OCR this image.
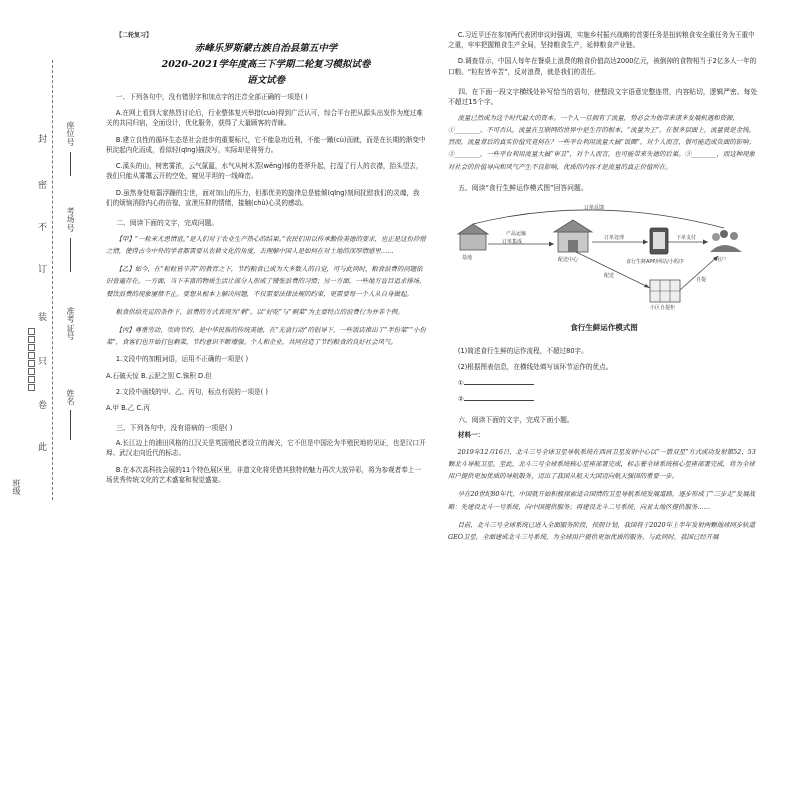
座位号
考场号
准考证号
姓名
班级
封
密
不
订
装
只
卷
此
【二轮复习】
赤峰乐罗斯蒙古族自治县第五中学
2020-2021学年度高三下学期二轮复习模拟试卷
语文试卷

一、下列各句中，没有错别字和加点字的注音全部正确的一项是( )

A.在网上看到大家热烈讨论后，行业整体复兴举措(cuò)得到广泛认可，综合平台把从源头出发作为度过难关的共同归宿，全面设计，优化服务，获得了大量顾客的青睐。

B.建立良性的循环生态是社会进步的重要标尺，它不能急功近利，不能一蹴(cù)而就，而是在长期的渐变中积淀起内化而成，看似轻(qīng)描淡写，实际却是将努力。

C.溪头的山，树密雾浓，云气氤氲，水气从树木蒸(wěng)郁的苍莽升起，打湿了行人的衣襟，抬头望去，我们只能从雾霭云开的空处，窥见平坦的一线峰峦。

D.虽然身处喧嚣浮躁的尘世，面对加山的压力，但那优美的旋律总是能倾(qīng)刻间抚慰我们的灵魂，我们的烦恼消除内心的彷徨，宣泄压抑的情绪，接触(chù)心灵的感动。

二、阅读下面的文字，完成问题。

【甲】“一粒米尤思情谊。”是人们对于农业生产热心的结果。”农民们用以传承勤俭美德的要求，也正是这份珍惜之情，使得古今中外的学者都需要从农耕文化的角度，去理解中国人是如何在对土地的深厚情感里……

【乙】如今，在“粒粒皆辛苦”的教育之下，节约粮食已成为大多数人的自觉，可与此同时，粮食浪费的问题依旧普遍存在。一方面，当下丰富的物质生活让部分人形成了铺张浪费的习惯；另一方面，一些地方盲目追求排场，餐饮浪费的现象屡禁不止。要想从根本上解决问题，不仅需要法律法规的约束，更需要每一个人从自身做起。

粮食供给充足的条件下，浪费的方式表现为“剩”。以“好吃”与“剩菜”为主要特点的浪费行为并非个例。

【丙】尊重劳动，崇尚节约，是中华民族的传统美德，在“光盘行动”的倡导下，一些饭店推出了“半份菜”“小份菜”，食客们也开始打包剩菜，节约意识不断增强。个人和企业，共同营造了节约粮食的良好社会风气。

1.文段中的加粗词语，运用不正确的一项是( )

A.石破天惊 B.云泥之别 C.铢积 D.但

2.文段中画线的甲、乙、丙句，标点有误的一项是( )

A.甲 B.乙 C.丙

三、下列各句中，没有语病的一项是( )

A.长江边上的浦田风格的江汉关是英国殖民者设立的海关，它不但是中国沦为半殖民地的见证，也是汉口开埠、武汉走向近代的标志。

B.在本次高科技会展的11个特色展区里，非遗文化将凭借其独特的魅力再次大放异彩，将为参观者奉上一场优秀传统文化的艺术盛宴和视觉盛宴。

C.习近平还在参加两代表团审议时强调，实施乡村振兴战略的首要任务是扭转粮食安全重任务为王重中之重，牢牢把握粮食生产全局，坚持粮食生产，延伸粮食产业链。

D.调查显示，中国人每年在餐桌上浪费的粮食价值高达2000亿元，被倒掉的食物相当于2亿多人一年的口粮。“粒粒皆辛苦”，反对浪费，就是我们的责任。

四、在下面一段文字横线处补写恰当的语句，使整段文字语意完整连贯，内容贴切，逻辑严密。每处不超过15个字。

流量已然成为这个时代最大的资本。一个人一旦拥有了流量，势必会为他带来诸多发展机遇和资源，①________。不可否认，流量在互联网的世界中是生存的根本，“流量为王”，在很多层面上，流量就是金钱。然而，流量背后的真实价值究竟何在？一些平台利用流量大搞“饭圈”，对个人而言，很可能造成负面的影响；②________，一些平台利用流量大搞“审丑”，对个人而言，也可能带来失德的后果。③________，而这种现象对社会的价值导向和风气产生不良影响，优质的内容才是流量的真正价值所在。

五、阅读“食行生鲜运作模式图”回答问题。
基地	配送中心	食行生鲜APP/网站/小程序	用户
小区自提柜
产品运输
订单集成
订单处理
配送
自提
下单支付
订单反馈
食行生鲜运作模式图

(1)简述食行生鲜的运作流程，不超过80字。

(2)根据图表信息，在横线处填写该环节运作的优点。

①

②

六、阅读下面的文字，完成下面小题。

材料一：

2019年12月16日，北斗三号全球卫星导航系统在西昌卫星发射中心以“一箭双星”方式成功发射第52、53颗北斗导航卫星。至此，北斗三号全球系统核心星座部署完成，标志着全球系统核心星座部署完成，将为全球用户提供更加优质的导航服务，迈出了我国从航天大国迈向航天强国的重要一步。

早在20世纪80年代，中国就开始积极探索适合国情的卫星导航系统发展道路，逐步形成了“三步走”发展战略：先建设北斗一号系统，向中国提供服务；再建设北斗二号系统，向亚太地区提供服务……

目前，北斗三号全球系统已进入全面服务阶段，按照计划，我国将于2020年上半年发射两颗地球同步轨道GEO卫星，全面建成北斗三号系统，为全球用户提供更加优质的服务。与此同时，我国已经开展
